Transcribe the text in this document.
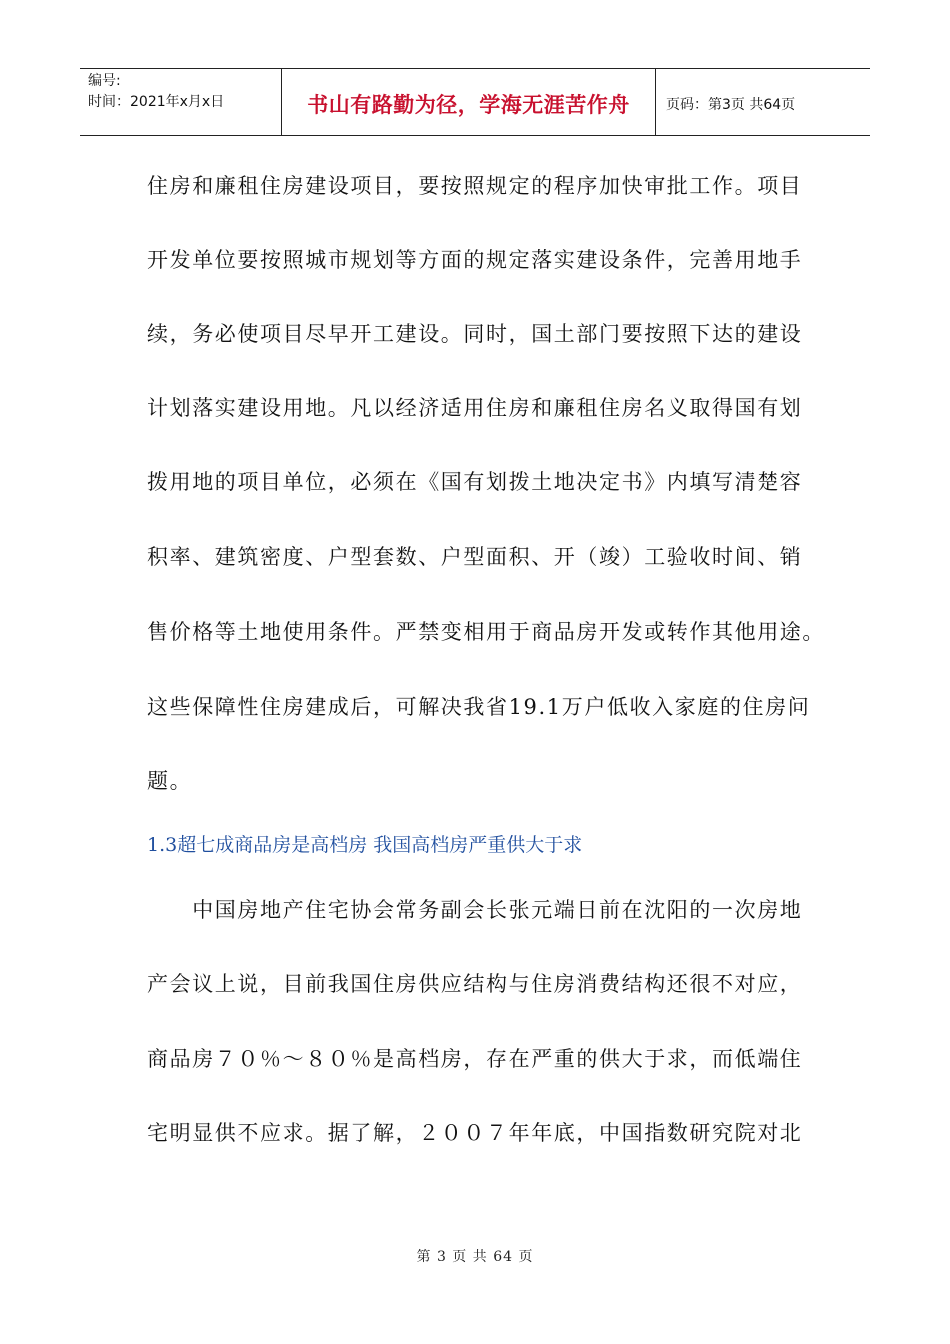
编号:
时间：2021年x月x日	书山有路勤为径，学海无涯苦作舟	页码：第3页 共64页
住房和廉租住房建设项目，要按照规定的程序加快审批工作。项目
开发单位要按照城市规划等方面的规定落实建设条件，完善用地手
续，务必使项目尽早开工建设。同时，国土部门要按照下达的建设
计划落实建设用地。凡以经济适用住房和廉租住房名义取得国有划
拨用地的项目单位，必须在《国有划拨土地决定书》内填写清楚容
积率、建筑密度、户型套数、户型面积、开（竣）工验收时间、销
售价格等土地使用条件。严禁变相用于商品房开发或转作其他用途。
这些保障性住房建成后，可解决我省19.1万户低收入家庭的住房问
题。
1.3超七成商品房是高档房 我国高档房严重供大于求
　　中国房地产住宅协会常务副会长张元端日前在沈阳的一次房地
产会议上说，目前我国住房供应结构与住房消费结构还很不对应，
商品房７０％～８０％是高档房，存在严重的供大于求，而低端住
宅明显供不应求。据了解，２００７年年底，中国指数研究院对北
第 3 页 共 64 页
